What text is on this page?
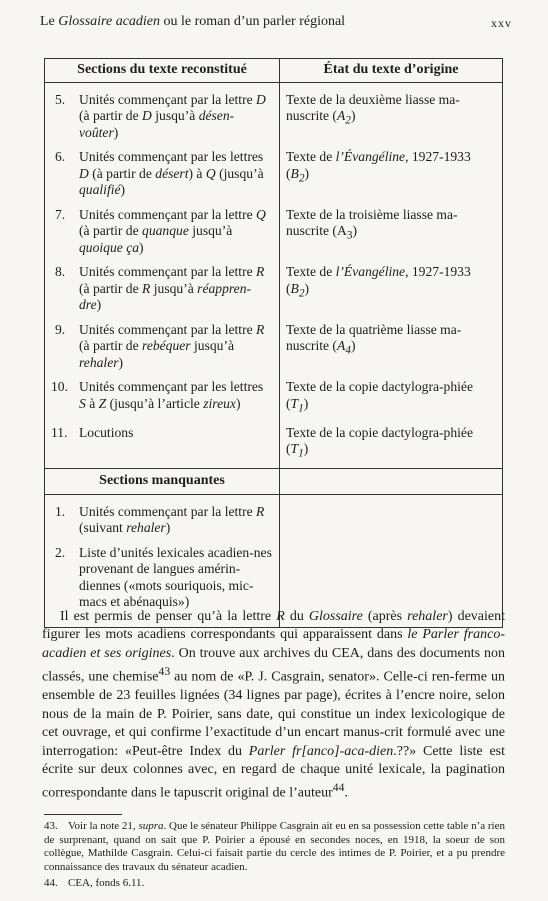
Le Glossaire acadien ou le roman d’un parler régional	xxv
Sections du texte reconstitué	État du texte d’origine

5. Unités commençant par la lettre D (à partir de D jusqu’à désen-voûter)	Texte de la deuxième liasse ma-nuscrite $(A_2)$

6. Unités commençant par les lettres D (à partir de désert) à Q (jusqu’à qualifié)	Texte de l’Évangéline, 1927-1933 $(B_2)$

7. Unités commençant par la lettre Q (à partir de quanque jusqu’à quoique ça)	Texte de la troisième liasse ma-nuscrite $(A_3)$

8. Unités commençant par la lettre R (à partir de R jusqu’à réappren-dre)	Texte de l’Évangéline, 1927-1933 $(B_2)$

9. Unités commençant par la lettre R (à partir de rebéquer jusqu’à rehaler)	Texte de la quatrième liasse ma-nuscrite $(A_4)$

10. Unités commençant par les lettres S à Z (jusqu’à l’article zireux)	Texte de la copie dactylogra-phiée $(T_1)$

11. Locutions	Texte de la copie dactylogra-phiée $(T_1)$
Sections manquantes	

1. Unités commençant par la lettre R (suivant rehaler)	

2. Liste d’unités lexicales acadien-nes provenant de langues amérin-diennes («mots souriquois, mic-macs et abénaquis»)	

Il est permis de penser qu’à la lettre R du Glossaire (après rehaler) devaient figurer les mots acadiens correspondants qui apparaissent dans le Parler franco-acadien et ses origines. On trouve aux archives du CEA, dans des documents non classés, une chemise$^{43}$ au nom de «P. J. Casgrain, senator». Celle-ci ren-ferme un ensemble de 23 feuilles lignées (34 lignes par page), écrites à l’encre noire, selon nous de la main de P. Poirier, sans date, qui constitue un index lexicologique de cet ouvrage, et qui confirme l’exactitude d’un encart manus-crit formulé avec une interrogation: «Peut-être Index du Parler fr[anco]-aca-dien.??» Cette liste est écrite sur deux colonnes avec, en regard de chaque unité lexicale, la pagination correspondante dans le tapuscrit original de l’auteur$^{44}$.
43. Voir la note 21, supra. Que le sénateur Philippe Casgrain ait eu en sa possession cette table n’a rien de surprenant, quand on sait que P. Poirier a épousé en secondes noces, en 1918, la soeur de son collègue, Mathilde Casgrain. Celui-ci faisait partie du cercle des intimes de P. Poirier, et a pu prendre connaissance des travaux du sénateur acadien.
44. CEA, fonds 6.11.
